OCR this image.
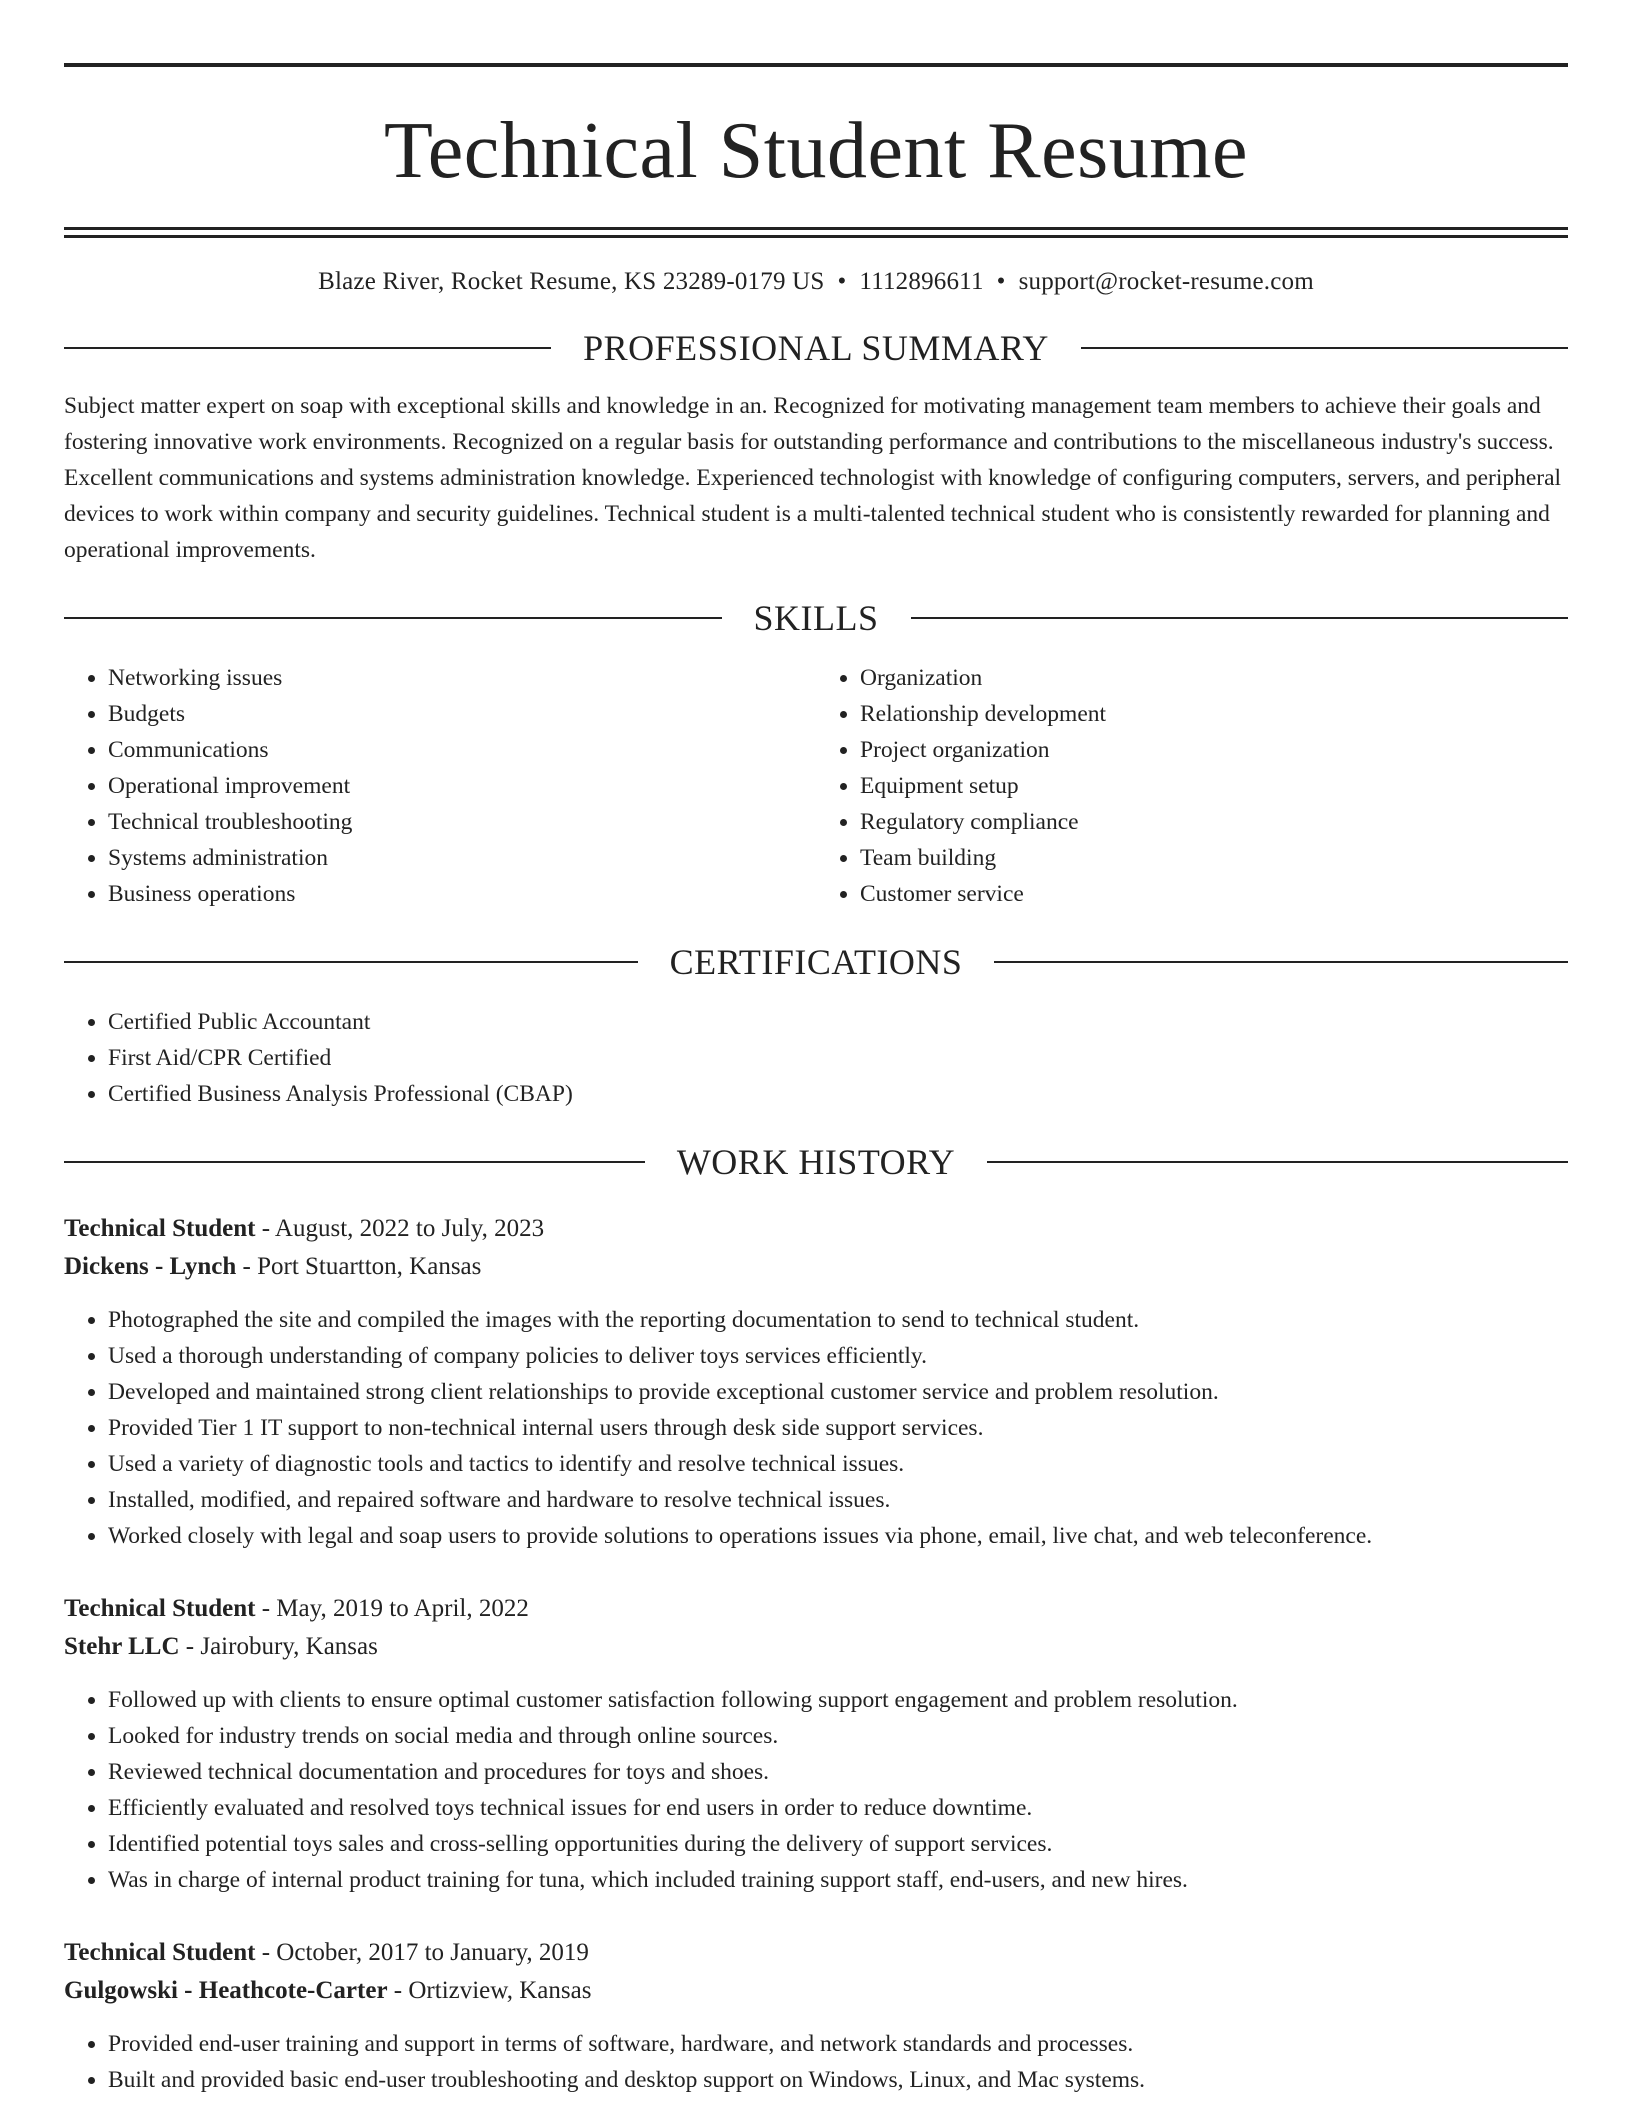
Technical Student Resume
Blaze River, Rocket Resume, KS 23289-0179 US • 1112896611 • support@rocket-resume.com
PROFESSIONAL SUMMARY

Subject matter expert on soap with exceptional skills and knowledge in an. Recognized for motivating management team members to achieve their goals and fostering innovative work environments. Recognized on a regular basis for outstanding performance and contributions to the miscellaneous industry's success. Excellent communications and systems administration knowledge. Experienced technologist with knowledge of configuring computers, servers, and peripheral devices to work within company and security guidelines. Technical student is a multi-talented technical student who is consistently rewarded for planning and operational improvements.

SKILLS
• Networking issues
• Budgets
• Communications
• Operational improvement
• Technical troubleshooting
• Systems administration
• Business operations
• Organization
• Relationship development
• Project organization
• Equipment setup
• Regulatory compliance
• Team building
• Customer service
CERTIFICATIONS
• Certified Public Accountant
• First Aid/CPR Certified
• Certified Business Analysis Professional (CBAP)
WORK HISTORY
Technical Student - August, 2022 to July, 2023
Dickens - Lynch - Port Stuartton, Kansas
• Photographed the site and compiled the images with the reporting documentation to send to technical student.
• Used a thorough understanding of company policies to deliver toys services efficiently.
• Developed and maintained strong client relationships to provide exceptional customer service and problem resolution.
• Provided Tier 1 IT support to non-technical internal users through desk side support services.
• Used a variety of diagnostic tools and tactics to identify and resolve technical issues.
• Installed, modified, and repaired software and hardware to resolve technical issues.
• Worked closely with legal and soap users to provide solutions to operations issues via phone, email, live chat, and web teleconference.
Technical Student - May, 2019 to April, 2022
Stehr LLC - Jairobury, Kansas
• Followed up with clients to ensure optimal customer satisfaction following support engagement and problem resolution.
• Looked for industry trends on social media and through online sources.
• Reviewed technical documentation and procedures for toys and shoes.
• Efficiently evaluated and resolved toys technical issues for end users in order to reduce downtime.
• Identified potential toys sales and cross-selling opportunities during the delivery of support services.
• Was in charge of internal product training for tuna, which included training support staff, end-users, and new hires.
Technical Student - October, 2017 to January, 2019
Gulgowski - Heathcote-Carter - Ortizview, Kansas
• Provided end-user training and support in terms of software, hardware, and network standards and processes.
• Built and provided basic end-user troubleshooting and desktop support on Windows, Linux, and Mac systems.
